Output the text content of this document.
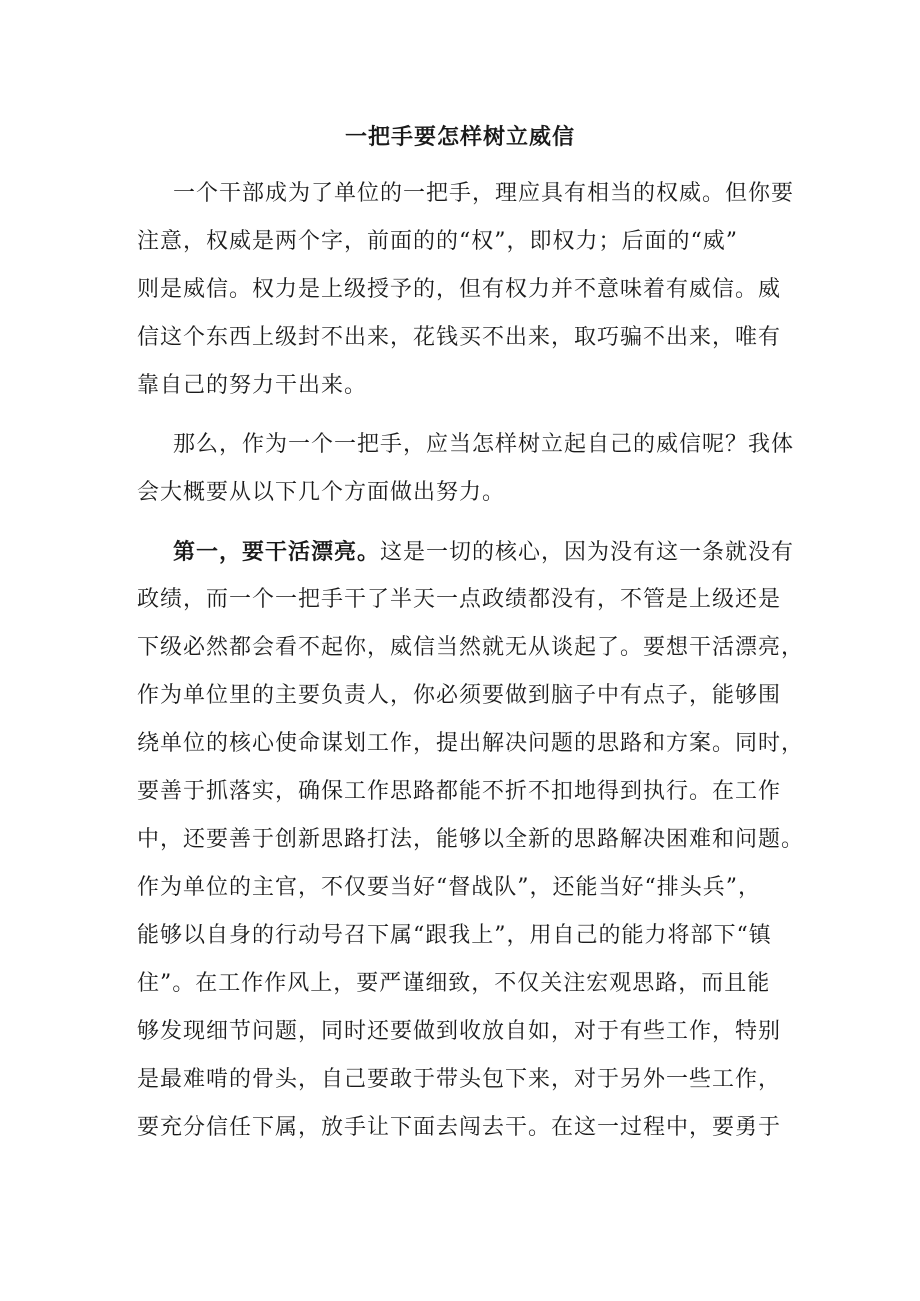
一把手要怎样树立威信
一个干部成为了单位的一把手，理应具有相当的权威。但你要
注意，权威是两个字，前面的的“权”，即权力；后面的“威”
则是威信。权力是上级授予的，但有权力并不意味着有威信。威
信这个东西上级封不出来，花钱买不出来，取巧骗不出来，唯有
靠自己的努力干出来。
那么，作为一个一把手，应当怎样树立起自己的威信呢？我体
会大概要从以下几个方面做出努力。
第一，要干活漂亮。这是一切的核心，因为没有这一条就没有
政绩，而一个一把手干了半天一点政绩都没有，不管是上级还是
下级必然都会看不起你，威信当然就无从谈起了。要想干活漂亮，
作为单位里的主要负责人，你必须要做到脑子中有点子，能够围
绕单位的核心使命谋划工作，提出解决问题的思路和方案。同时，
要善于抓落实，确保工作思路都能不折不扣地得到执行。在工作
中，还要善于创新思路打法，能够以全新的思路解决困难和问题。
作为单位的主官，不仅要当好“督战队”，还能当好“排头兵”，
能够以自身的行动号召下属“跟我上”，用自己的能力将部下“镇
住”。在工作作风上，要严谨细致，不仅关注宏观思路，而且能
够发现细节问题，同时还要做到收放自如，对于有些工作，特别
是最难啃的骨头，自己要敢于带头包下来，对于另外一些工作，
要充分信任下属，放手让下面去闯去干。在这一过程中，要勇于
